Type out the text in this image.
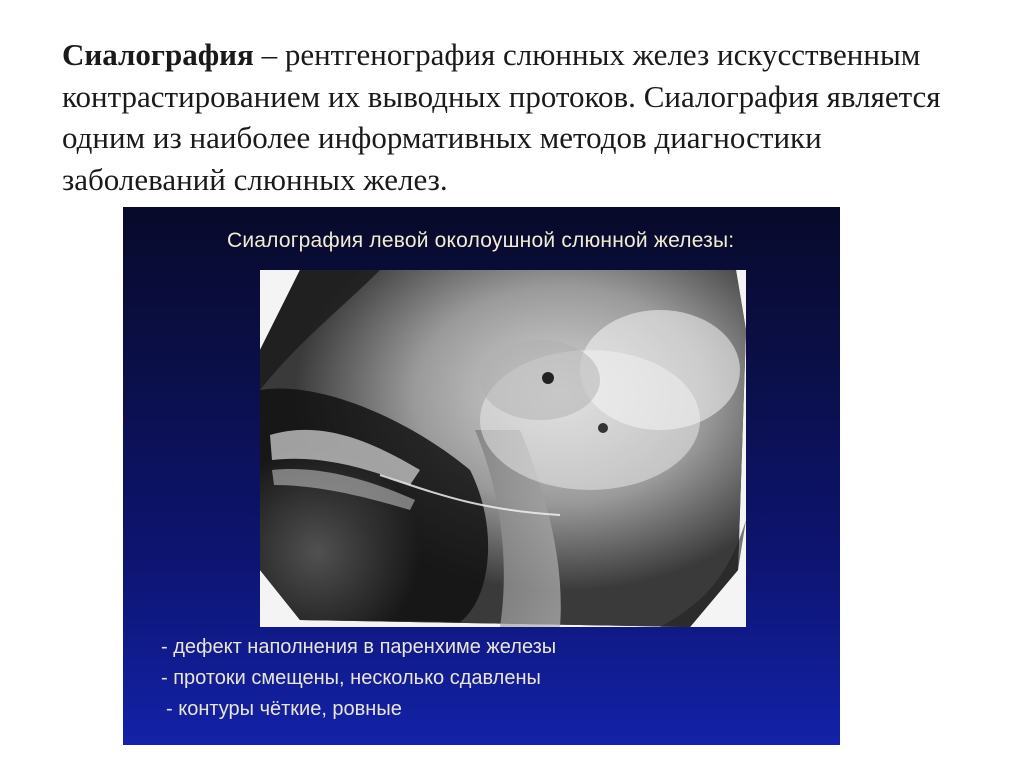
Сиалография – рентгенография слюнных желез искусственным контрастированием их выводных протоков. Сиалография является одним из наиболее информативных методов диагностики заболеваний слюнных желез.

Сиалография левой околоушной слюнной железы:
- дефект наполнения в паренхиме железы
- протоки смещены, несколько сдавлены
- контуры чёткие, ровные
